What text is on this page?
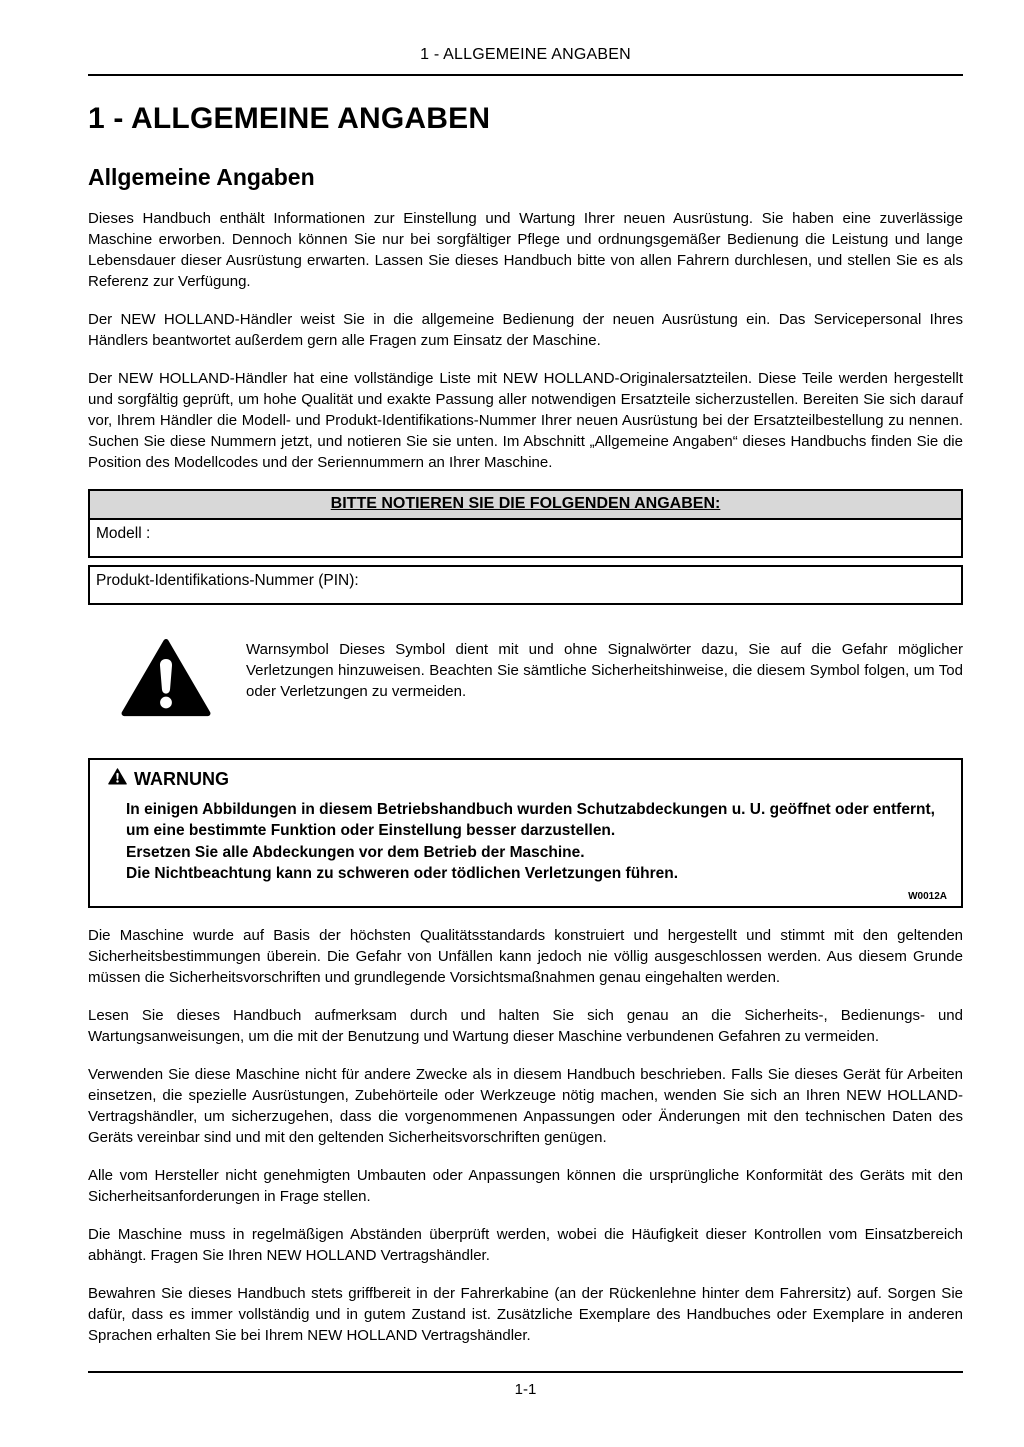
1 - ALLGEMEINE ANGABEN
1 - ALLGEMEINE ANGABEN
Allgemeine Angaben

Dieses Handbuch enthält Informationen zur Einstellung und Wartung Ihrer neuen Ausrüstung. Sie haben eine zuverlässige Maschine erworben. Dennoch können Sie nur bei sorgfältiger Pflege und ordnungsgemäßer Bedienung die Leistung und lange Lebensdauer dieser Ausrüstung erwarten. Lassen Sie dieses Handbuch bitte von allen Fahrern durchlesen, und stellen Sie es als Referenz zur Verfügung.

Der NEW HOLLAND-Händler weist Sie in die allgemeine Bedienung der neuen Ausrüstung ein. Das Servicepersonal Ihres Händlers beantwortet außerdem gern alle Fragen zum Einsatz der Maschine.

Der NEW HOLLAND-Händler hat eine vollständige Liste mit NEW HOLLAND-Originalersatzteilen. Diese Teile werden hergestellt und sorgfältig geprüft, um hohe Qualität und exakte Passung aller notwendigen Ersatzteile sicherzustellen. Bereiten Sie sich darauf vor, Ihrem Händler die Modell- und Produkt-Identifikations-Nummer Ihrer neuen Ausrüstung bei der Ersatzteilbestellung zu nennen. Suchen Sie diese Nummern jetzt, und notieren Sie sie unten. Im Abschnitt „Allgemeine Angaben“ dieses Handbuchs finden Sie die Position des Modellcodes und der Seriennummern an Ihrer Maschine.

BITTE NOTIEREN SIE DIE FOLGENDEN ANGABEN:
Modell :
Produkt-Identifikations-Nummer (PIN):

Warnsymbol Dieses Symbol dient mit und ohne Signalwörter dazu, Sie auf die Gefahr möglicher Verletzungen hinzuweisen. Beachten Sie sämtliche Sicherheitshinweise, die diesem Symbol folgen, um Tod oder Verletzungen zu vermeiden.

WARNUNG

In einigen Abbildungen in diesem Betriebshandbuch wurden Schutzabdeckungen u. U. geöffnet oder entfernt, um eine bestimmte Funktion oder Einstellung besser darzustellen.

Ersetzen Sie alle Abdeckungen vor dem Betrieb der Maschine.

Die Nichtbeachtung kann zu schweren oder tödlichen Verletzungen führen.

W0012A

Die Maschine wurde auf Basis der höchsten Qualitätsstandards konstruiert und hergestellt und stimmt mit den geltenden Sicherheitsbestimmungen überein. Die Gefahr von Unfällen kann jedoch nie völlig ausgeschlossen werden. Aus diesem Grunde müssen die Sicherheitsvorschriften und grundlegende Vorsichtsmaßnahmen genau eingehalten werden.

Lesen Sie dieses Handbuch aufmerksam durch und halten Sie sich genau an die Sicherheits-, Bedienungs- und Wartungsanweisungen, um die mit der Benutzung und Wartung dieser Maschine verbundenen Gefahren zu vermeiden.

Verwenden Sie diese Maschine nicht für andere Zwecke als in diesem Handbuch beschrieben. Falls Sie dieses Gerät für Arbeiten einsetzen, die spezielle Ausrüstungen, Zubehörteile oder Werkzeuge nötig machen, wenden Sie sich an Ihren NEW HOLLAND-Vertragshändler, um sicherzugehen, dass die vorgenommenen Anpassungen oder Änderungen mit den technischen Daten des Geräts vereinbar sind und mit den geltenden Sicherheitsvorschriften genügen.

Alle vom Hersteller nicht genehmigten Umbauten oder Anpassungen können die ursprüngliche Konformität des Geräts mit den Sicherheitsanforderungen in Frage stellen.

Die Maschine muss in regelmäßigen Abständen überprüft werden, wobei die Häufigkeit dieser Kontrollen vom Einsatzbereich abhängt. Fragen Sie Ihren NEW HOLLAND Vertragshändler.

Bewahren Sie dieses Handbuch stets griffbereit in der Fahrerkabine (an der Rückenlehne hinter dem Fahrersitz) auf. Sorgen Sie dafür, dass es immer vollständig und in gutem Zustand ist. Zusätzliche Exemplare des Handbuches oder Exemplare in anderen Sprachen erhalten Sie bei Ihrem NEW HOLLAND Vertragshändler.

1-1
